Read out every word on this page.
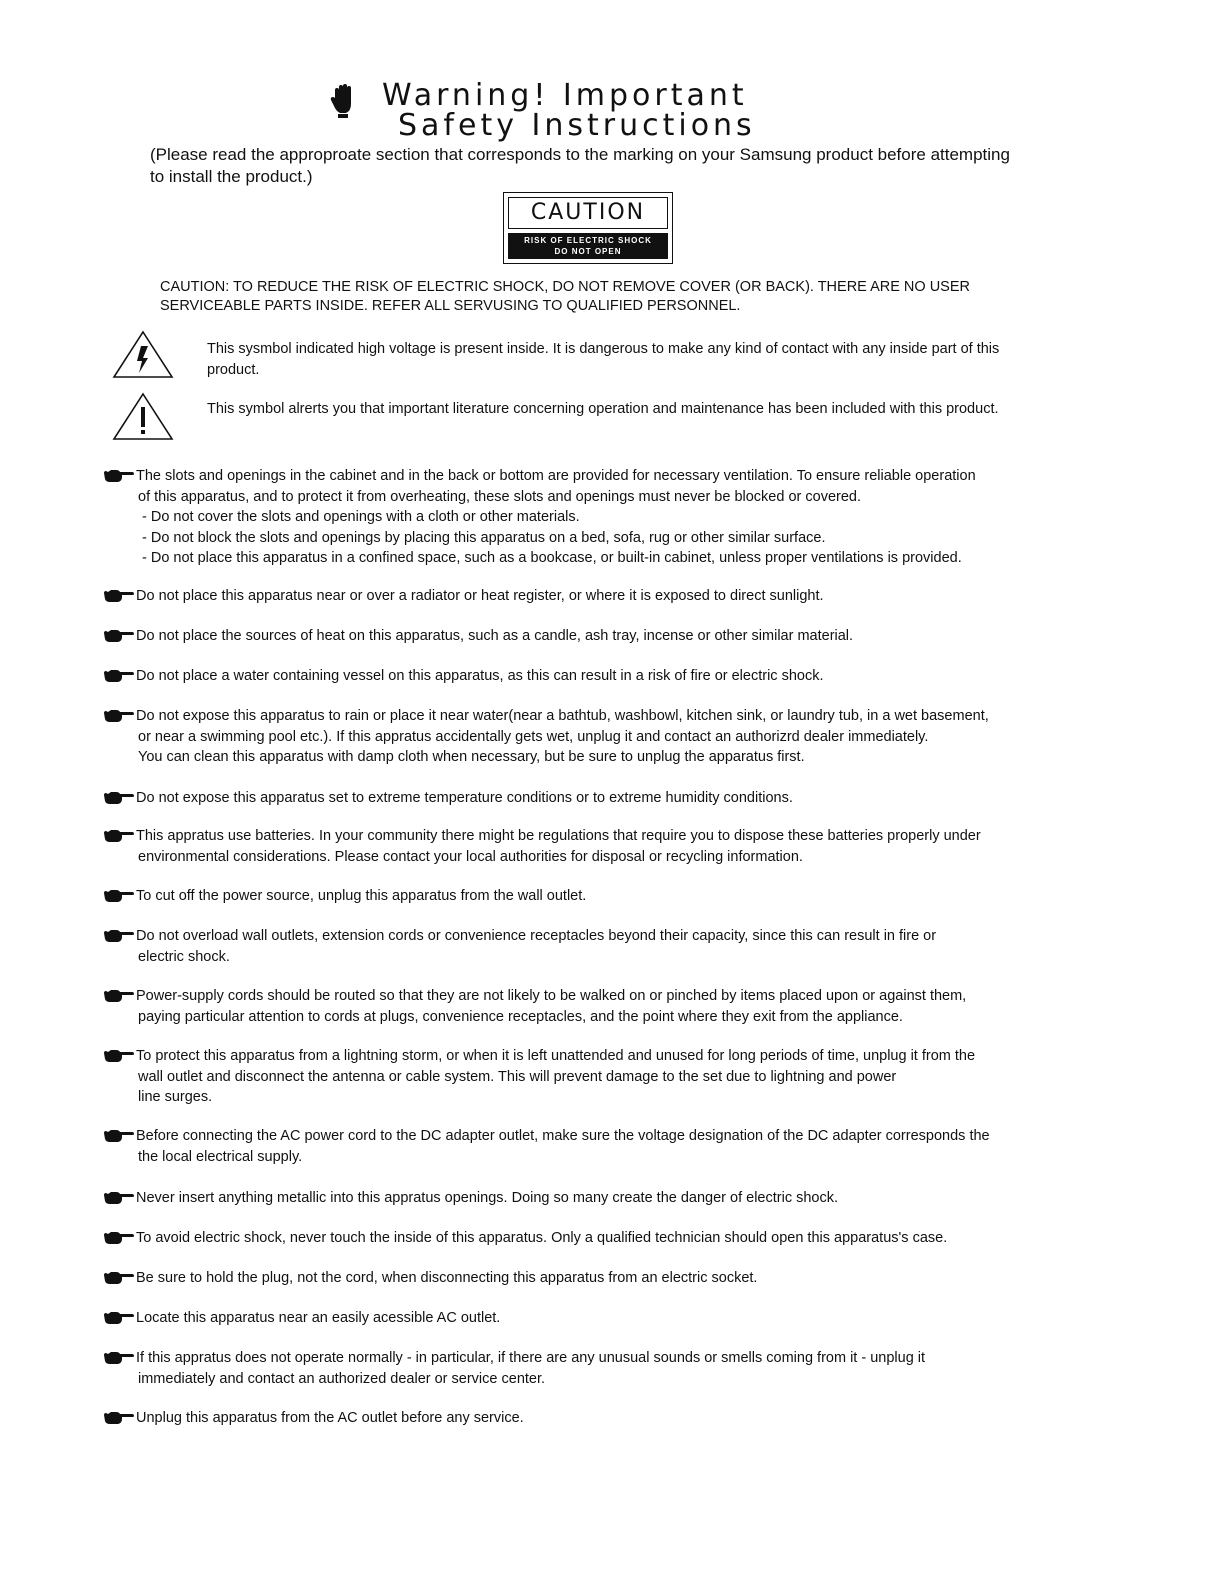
Warning! Important
Safety Instructions
(Please read the approproate section that corresponds to the marking on your Samsung product before attempting to install the product.)
CAUTION
RISK OF ELECTRIC SHOCK
DO NOT OPEN
CAUTION: TO REDUCE THE RISK OF ELECTRIC SHOCK, DO NOT REMOVE COVER (OR BACK). THERE ARE NO USER SERVICEABLE PARTS INSIDE. REFER ALL SERVUSING TO QUALIFIED PERSONNEL.
This sysmbol indicated high voltage is present inside. It is dangerous to make any kind of contact with any inside part of this product.
This symbol alrerts you that important literature concerning operation and maintenance has been included with this product.
The slots and openings in the cabinet and in the back or bottom are provided for necessary ventilation. To ensure reliable operation
of this apparatus, and to protect it from overheating, these slots and openings must never be blocked or covered.
- Do not cover the slots and openings with a cloth or other materials.
- Do not block the slots and openings by placing this apparatus on a bed, sofa, rug or other similar surface.
- Do not place this apparatus in a confined space, such as a bookcase, or built-in cabinet, unless proper ventilations is provided.
Do not place this apparatus near or over a radiator or heat register, or where it is exposed to direct sunlight.
Do not place the sources of heat on this apparatus, such as a candle, ash tray, incense or other similar material.
Do not place a water containing vessel on this apparatus, as this can result in a risk of fire or electric shock.
Do not expose this apparatus to rain or place it near water(near a bathtub, washbowl, kitchen sink, or laundry tub, in a wet basement,
or near a swimming pool etc.). If this appratus accidentally gets wet, unplug it and contact an authorizrd dealer immediately.
You can clean this apparatus with damp cloth when necessary, but be sure to unplug the apparatus first.
Do not expose this apparatus set to extreme temperature conditions or to extreme humidity conditions.
This appratus use batteries. In your community there might be regulations that require you to dispose these batteries properly under
environmental considerations. Please contact your local authorities for disposal or recycling information.
To cut off the power source, unplug this apparatus from the wall outlet.
Do not overload wall outlets, extension cords or convenience receptacles beyond their capacity, since this can result in fire or
electric shock.
Power-supply cords should be routed so that they are not likely to be walked on or pinched by items placed upon or against them,
paying particular attention to cords at plugs, convenience receptacles, and the point where they exit from the appliance.
To protect this apparatus from a lightning storm, or when it is left unattended and unused for long periods of time, unplug it from the
wall outlet and disconnect the antenna or cable system. This will prevent damage to the set due to lightning and power
line surges.
Before connecting the AC power cord to the DC adapter outlet, make sure the voltage designation of the DC adapter corresponds the
the local electrical supply.
Never insert anything metallic into this appratus openings. Doing so many create the danger of electric shock.
To avoid electric shock, never touch the inside of this apparatus. Only a qualified technician should open this apparatus's case.
Be sure to hold the plug, not the cord, when disconnecting this apparatus from an electric socket.
Locate this apparatus near an easily acessible AC outlet.
If this appratus does not operate normally - in particular, if there are any unusual sounds or smells coming from it - unplug it
immediately and contact an authorized dealer or service center.
Unplug this apparatus from the AC outlet before any service.
